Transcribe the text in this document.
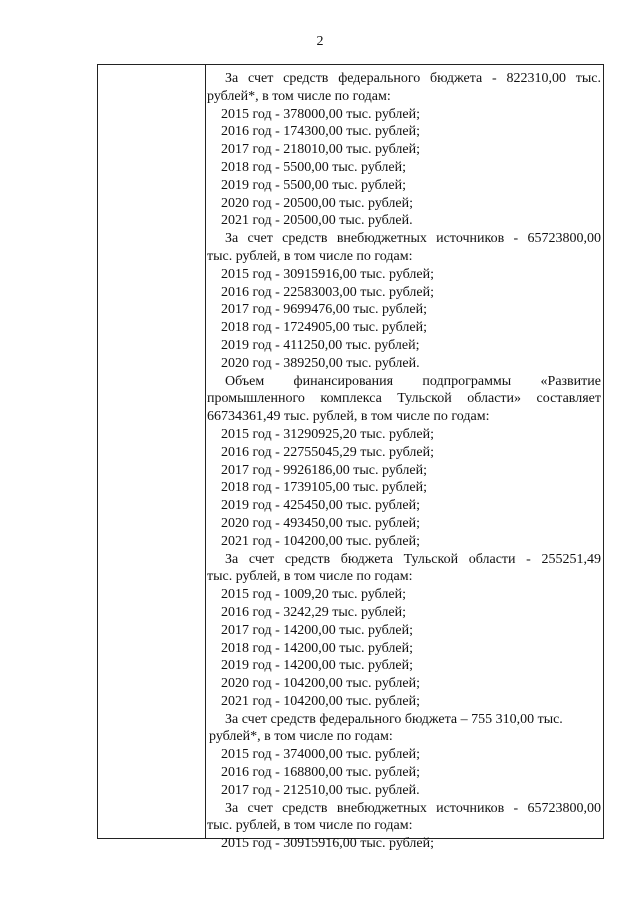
2
За счет средств федерального бюджета - 822310,00 тыс.
рублей*, в том числе по годам:
2015 год - 378000,00 тыс. рублей;
2016 год - 174300,00 тыс. рублей;
2017 год - 218010,00 тыс. рублей;
2018 год - 5500,00 тыс. рублей;
2019 год - 5500,00 тыс. рублей;
2020 год - 20500,00 тыс. рублей;
2021 год - 20500,00 тыс. рублей.
За счет средств внебюджетных источников - 65723800,00
тыс. рублей, в том числе по годам:
2015 год - 30915916,00 тыс. рублей;
2016 год - 22583003,00 тыс. рублей;
2017 год - 9699476,00 тыс. рублей;
2018 год - 1724905,00 тыс. рублей;
2019 год - 411250,00 тыс. рублей;
2020 год - 389250,00 тыс. рублей.
Объем финансирования подпрограммы «Развитие
промышленного комплекса Тульской области» составляет
66734361,49 тыс. рублей, в том числе по годам:
2015 год - 31290925,20 тыс. рублей;
2016 год - 22755045,29 тыс. рублей;
2017 год - 9926186,00 тыс. рублей;
2018 год - 1739105,00 тыс. рублей;
2019 год - 425450,00 тыс. рублей;
2020 год - 493450,00 тыс. рублей;
2021 год - 104200,00 тыс. рублей;
За счет средств бюджета Тульской области - 255251,49
тыс. рублей, в том числе по годам:
2015 год - 1009,20 тыс. рублей;
2016 год - 3242,29 тыс. рублей;
2017 год - 14200,00 тыс. рублей;
2018 год - 14200,00 тыс. рублей;
2019 год - 14200,00 тыс. рублей;
2020 год - 104200,00 тыс. рублей;
2021 год - 104200,00 тыс. рублей;
За счет средств федерального бюджета – 755 310,00 тыс.
рублей*, в том числе по годам:
2015 год - 374000,00 тыс. рублей;
2016 год - 168800,00 тыс. рублей;
2017 год - 212510,00 тыс. рублей.
За счет средств внебюджетных источников - 65723800,00
тыс. рублей, в том числе по годам:
2015 год - 30915916,00 тыс. рублей;
